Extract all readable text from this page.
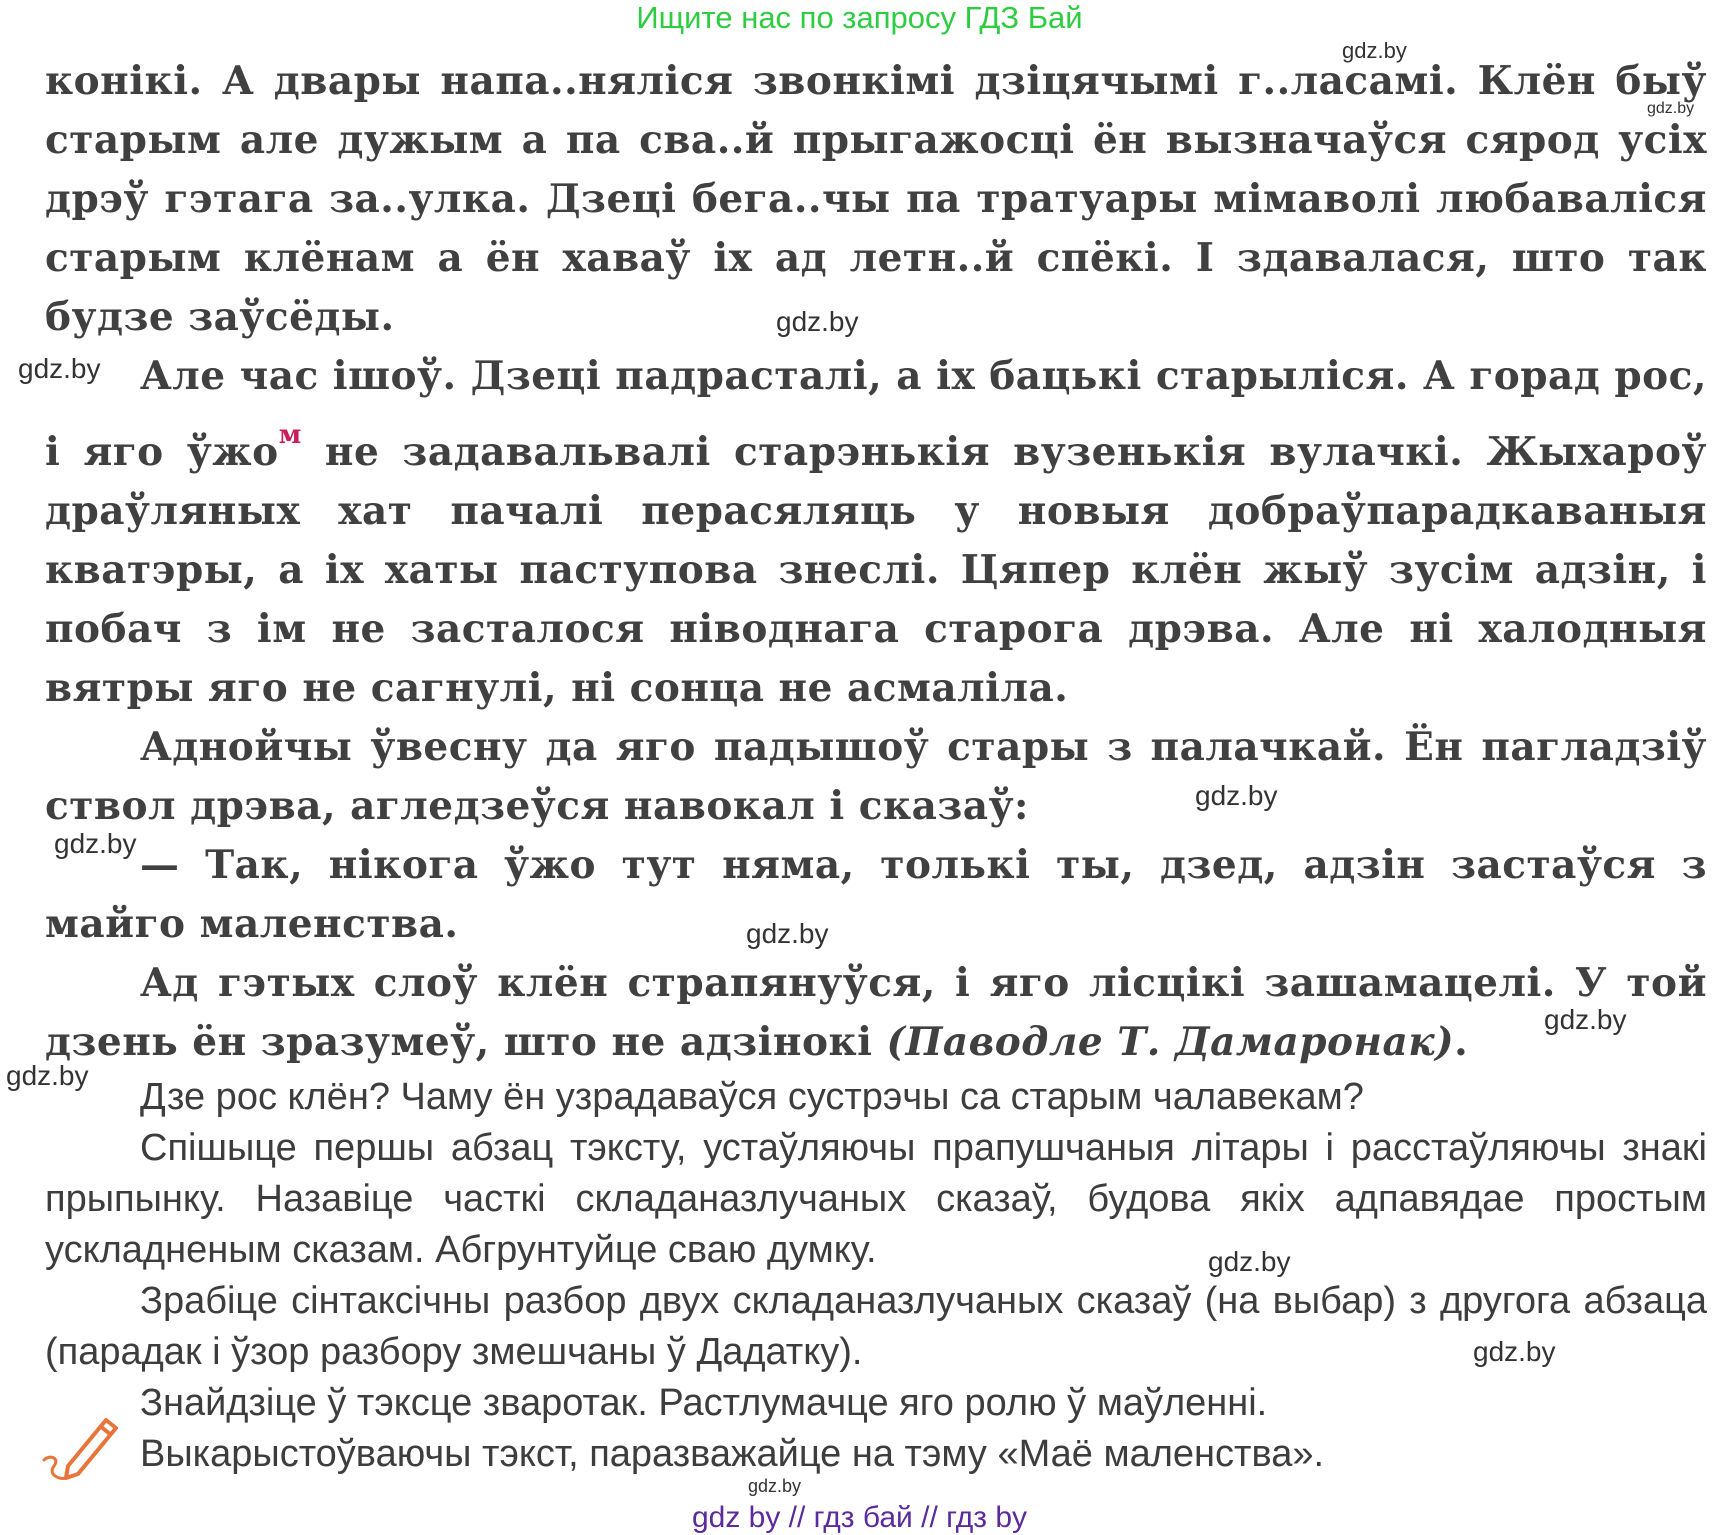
Ищите нас по запросу ГДЗ Бай

конікі. А двары напа..няліся звонкімі дзіцячымі г..ласамі. Клён быў старым але дужым а па сва..й прыгажосці ён вызначаўся сярод усіх дрэў гэтага за..улка. Дзеці бега..чы па тратуары мімаволі любаваліся старым клёнам а ён хаваў іх ад летн..й спёкі. І здавалася, што так будзе заўсёды.

Але час ішоў. Дзеці падрасталі, а іх бацькі старыліся. А горад рос, і яго ўжо$^м$ не задавальвалі старэнькія вузенькія вулачкі. Жыхароў драўляных хат пачалі перасяляць у новыя добраўпарадкаваныя кватэры, а іх хаты паступова знеслі. Цяпер клён жыў зусім адзін, і побач з ім не засталося ніводнага старога дрэва. Але ні халодныя вятры яго не сагнулі, ні сонца не асмаліла.

Аднойчы ўвесну да яго падышоў стары з палачкай. Ён пагладзіў ствол дрэва, агледзеўся навокал і сказаў:

— Так, нікога ўжо тут няма, толькі ты, дзед, адзін застаўся з майго маленства.

Ад гэтых слоў клён страпянуўся, і яго лісцікі зашамацелі. У той дзень ён зразумеў, што не адзінокі (Паводле Т. Дамаронак).

Дзе рос клён? Чаму ён узрадаваўся сустрэчы са старым чалавекам?

Спішыце першы абзац тэксту, устаўляючы прапушчаныя літары і расстаўляючы знакі прыпынку. Назавіце часткі складаназлучаных сказаў, будова якіх адпавядае простым ускладненым сказам. Абгрунтуйце сваю думку.

Зрабіце сінтаксічны разбор двух складаназлучаных сказаў (на выбар) з другога абзаца (парадак і ўзор разбору змешчаны ў Дадатку).

Знайдзіце ў тэксце зваротак. Растлумачце яго ролю ў маўленні.

Выкарыстоўваючы тэкст, паразважайце на тэму «Маё маленства».

gdz.by
gdz.by
gdz.by
gdz.by
gdz.by
gdz.by
gdz.by
gdz.by
gdz.by
gdz.by
gdz.by
gdz.by
gdz by // гдз бай // гдз by
